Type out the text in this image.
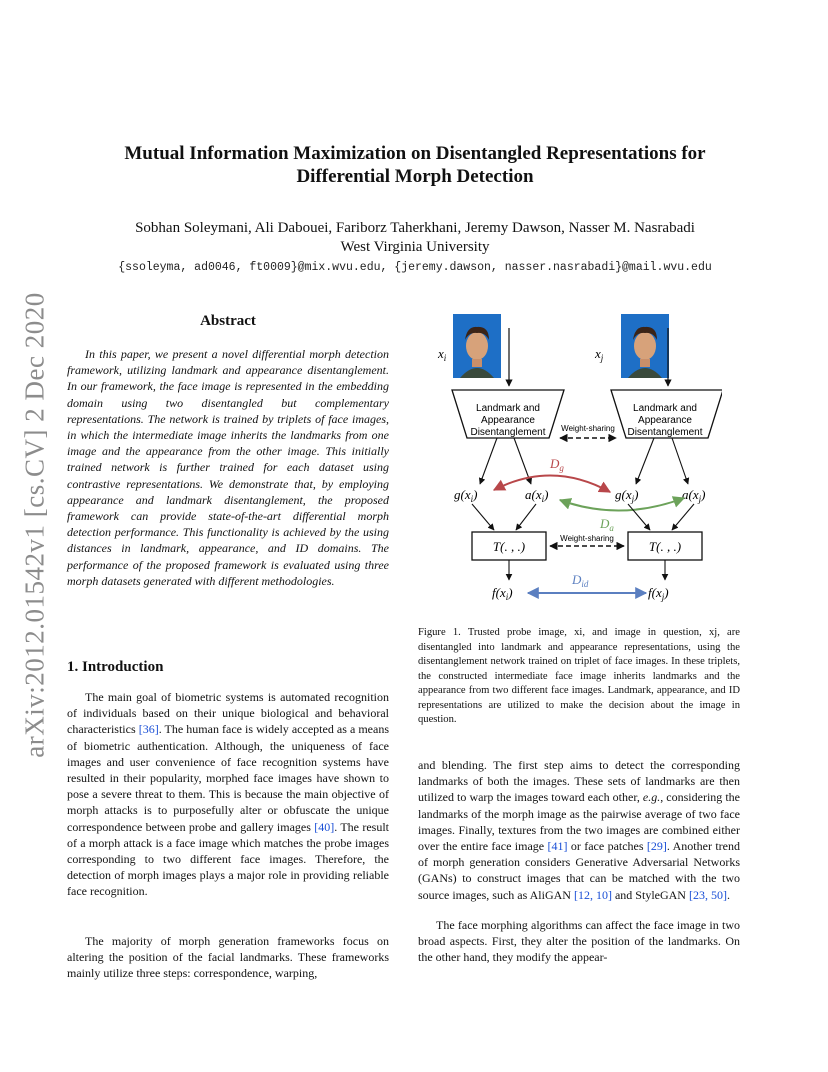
arXiv:2012.01542v1 [cs.CV] 2 Dec 2020
Mutual Information Maximization on Disentangled Representations for
Differential Morph Detection
Sobhan Soleymani, Ali Dabouei, Fariborz Taherkhani, Jeremy Dawson, Nasser M. Nasrabadi
West Virginia University
{ssoleyma, ad0046, ft0009}@mix.wvu.edu, {jeremy.dawson, nasser.nasrabadi}@mail.wvu.edu
Abstract

In this paper, we present a novel differential morph detection framework, utilizing landmark and appearance disentanglement. In our framework, the face image is represented in the embedding domain using two disentangled but complementary representations. The network is trained by triplets of face images, in which the intermediate image inherits the landmarks from one image and the appearance from the other image. This initially trained network is further trained for each dataset using contrastive representations. We demonstrate that, by employing appearance and landmark disentanglement, the proposed framework can provide state-of-the-art differential morph detection performance. This functionality is achieved by the using distances in landmark, appearance, and ID domains. The performance of the proposed framework is evaluated using three morph datasets generated with different methodologies.

1. Introduction

The main goal of biometric systems is automated recognition of individuals based on their unique biological and behavioral characteristics [36]. The human face is widely accepted as a means of biometric authentication. Although, the uniqueness of face images and user convenience of face recognition systems have resulted in their popularity, morphed face images have shown to pose a severe threat to them. This is because the main objective of morph attacks is to purposefully alter or obfuscate the unique correspondence between probe and gallery images [40]. The result of a morph attack is a face image which matches the probe images corresponding to two different face images. Therefore, the detection of morph images plays a major role in providing reliable face recognition.

The majority of morph generation frameworks focus on altering the position of the facial landmarks. These frameworks mainly utilize three steps: correspondence, warping,

$x_i$	$x_j$
Landmark and
Appearance
Disentanglement
Landmark and
Appearance
Disentanglement
Weight-sharing
$g(x_i)$	$a(x_i)$	$g(x_j)$	$a(x_j)$
$D_g$
$D_a$
T(. , .)	T(. , .)
Weight-sharing
$f(x_i)$	$f(x_j)$
$D_{id}$

Figure 1. Trusted probe image, xi, and image in question, xj, are disentangled into landmark and appearance representations, using the disentanglement network trained on triplet of face images. In these triplets, the constructed intermediate face image inherits landmarks and the appearance from two different face images. Landmark, appearance, and ID representations are utilized to make the decision about the image in question.

and blending. The first step aims to detect the corresponding landmarks of both the images. These sets of landmarks are then utilized to warp the images toward each other, e.g., considering the landmarks of the morph image as the pairwise average of two face images. Finally, textures from the two images are combined either over the entire face image [41] or face patches [29]. Another trend of morph generation considers Generative Adversarial Networks (GANs) to construct images that can be matched with the two source images, such as AliGAN [12, 10] and StyleGAN [23, 50].

The face morphing algorithms can affect the face image in two broad aspects. First, they alter the position of the landmarks. On the other hand, they modify the appear-
